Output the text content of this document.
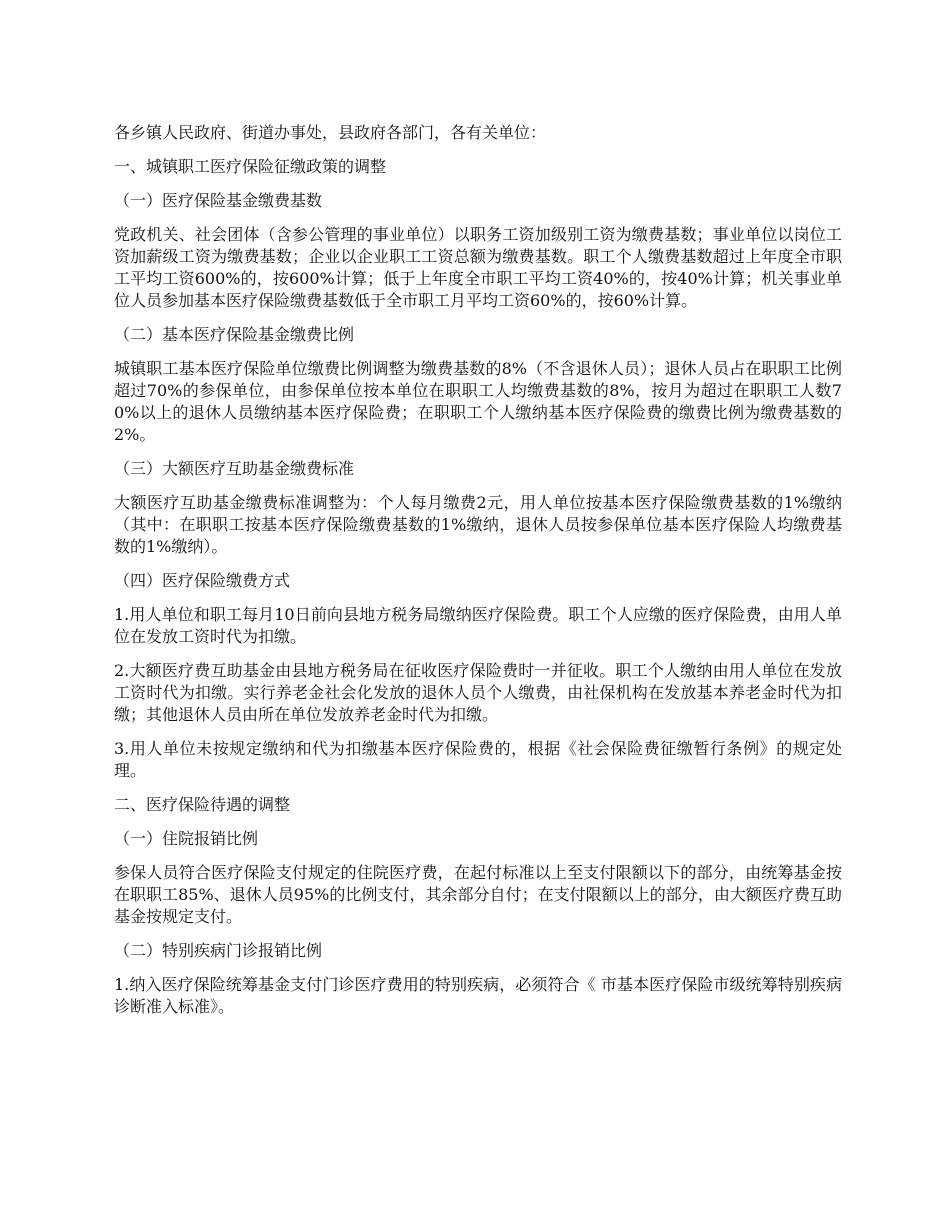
各乡镇人民政府、街道办事处，县政府各部门，各有关单位：

一、城镇职工医疗保险征缴政策的调整

（一）医疗保险基金缴费基数

党政机关、社会团体（含参公管理的事业单位）以职务工资加级别工资为缴费基数；事业单位以岗位工资加薪级工资为缴费基数；企业以企业职工工资总额为缴费基数。职工个人缴费基数超过上年度全市职工平均工资600%的，按600%计算；低于上年度全市职工平均工资40%的，按40%计算；机关事业单位人员参加基本医疗保险缴费基数低于全市职工月平均工资60%的，按60%计算。

（二）基本医疗保险基金缴费比例

城镇职工基本医疗保险单位缴费比例调整为缴费基数的8%（不含退休人员）；退休人员占在职职工比例超过70%的参保单位，由参保单位按本单位在职职工人均缴费基数的8%，按月为超过在职职工人数70%以上的退休人员缴纳基本医疗保险费；在职职工个人缴纳基本医疗保险费的缴费比例为缴费基数的2%。

（三）大额医疗互助基金缴费标准

大额医疗互助基金缴费标准调整为：个人每月缴费2元，用人单位按基本医疗保险缴费基数的1%缴纳（其中：在职职工按基本医疗保险缴费基数的1%缴纳，退休人员按参保单位基本医疗保险人均缴费基数的1%缴纳）。

（四）医疗保险缴费方式

1.用人单位和职工每月10日前向县地方税务局缴纳医疗保险费。职工个人应缴的医疗保险费，由用人单位在发放工资时代为扣缴。

2.大额医疗费互助基金由县地方税务局在征收医疗保险费时一并征收。职工个人缴纳由用人单位在发放工资时代为扣缴。实行养老金社会化发放的退休人员个人缴费，由社保机构在发放基本养老金时代为扣缴；其他退休人员由所在单位发放养老金时代为扣缴。

3.用人单位未按规定缴纳和代为扣缴基本医疗保险费的，根据《社会保险费征缴暂行条例》的规定处理。

二、医疗保险待遇的调整

（一）住院报销比例

参保人员符合医疗保险支付规定的住院医疗费，在起付标准以上至支付限额以下的部分，由统筹基金按在职职工85%、退休人员95%的比例支付，其余部分自付；在支付限额以上的部分，由大额医疗费互助基金按规定支付。

（二）特别疾病门诊报销比例

1.纳入医疗保险统筹基金支付门诊医疗费用的特别疾病，必须符合《 市基本医疗保险市级统筹特别疾病诊断准入标准》。
